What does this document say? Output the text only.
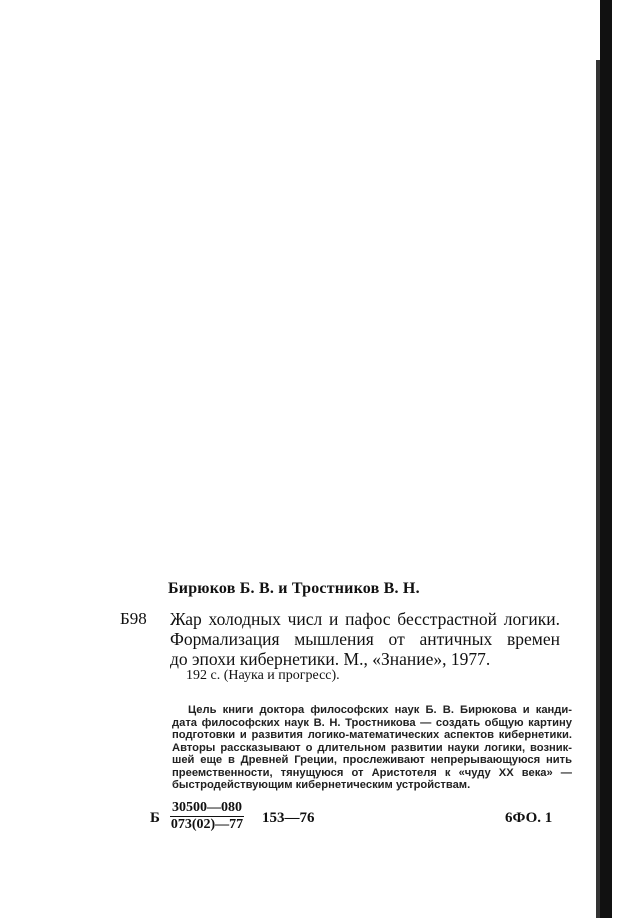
Бирюков Б. В. и Тростников В. Н.
Б98 Жар холодных числ и пафос бесстрастной логики.
Формализация мышления от античных времен
до эпохи кибернетики. М., «Знание», 1977.
192 с. (Наука и прогресс).
Цель книги доктора философских наук Б. В. Бирюкова и канди-
дата философских наук В. Н. Тростникова — создать общую картину
подготовки и развития логико-математических аспектов кибернетики.
Авторы рассказывают о длительном развитии науки логики, возник-
шей еще в Древней Греции, прослеживают непрерывающуюся нить
преемственности, тянущуюся от Аристотеля к «чуду XX века» —
быстродействующим кибернетическим устройствам.
Б $\frac{30500—080}{073(02)—77}$ 153—76	6ФО. 1
